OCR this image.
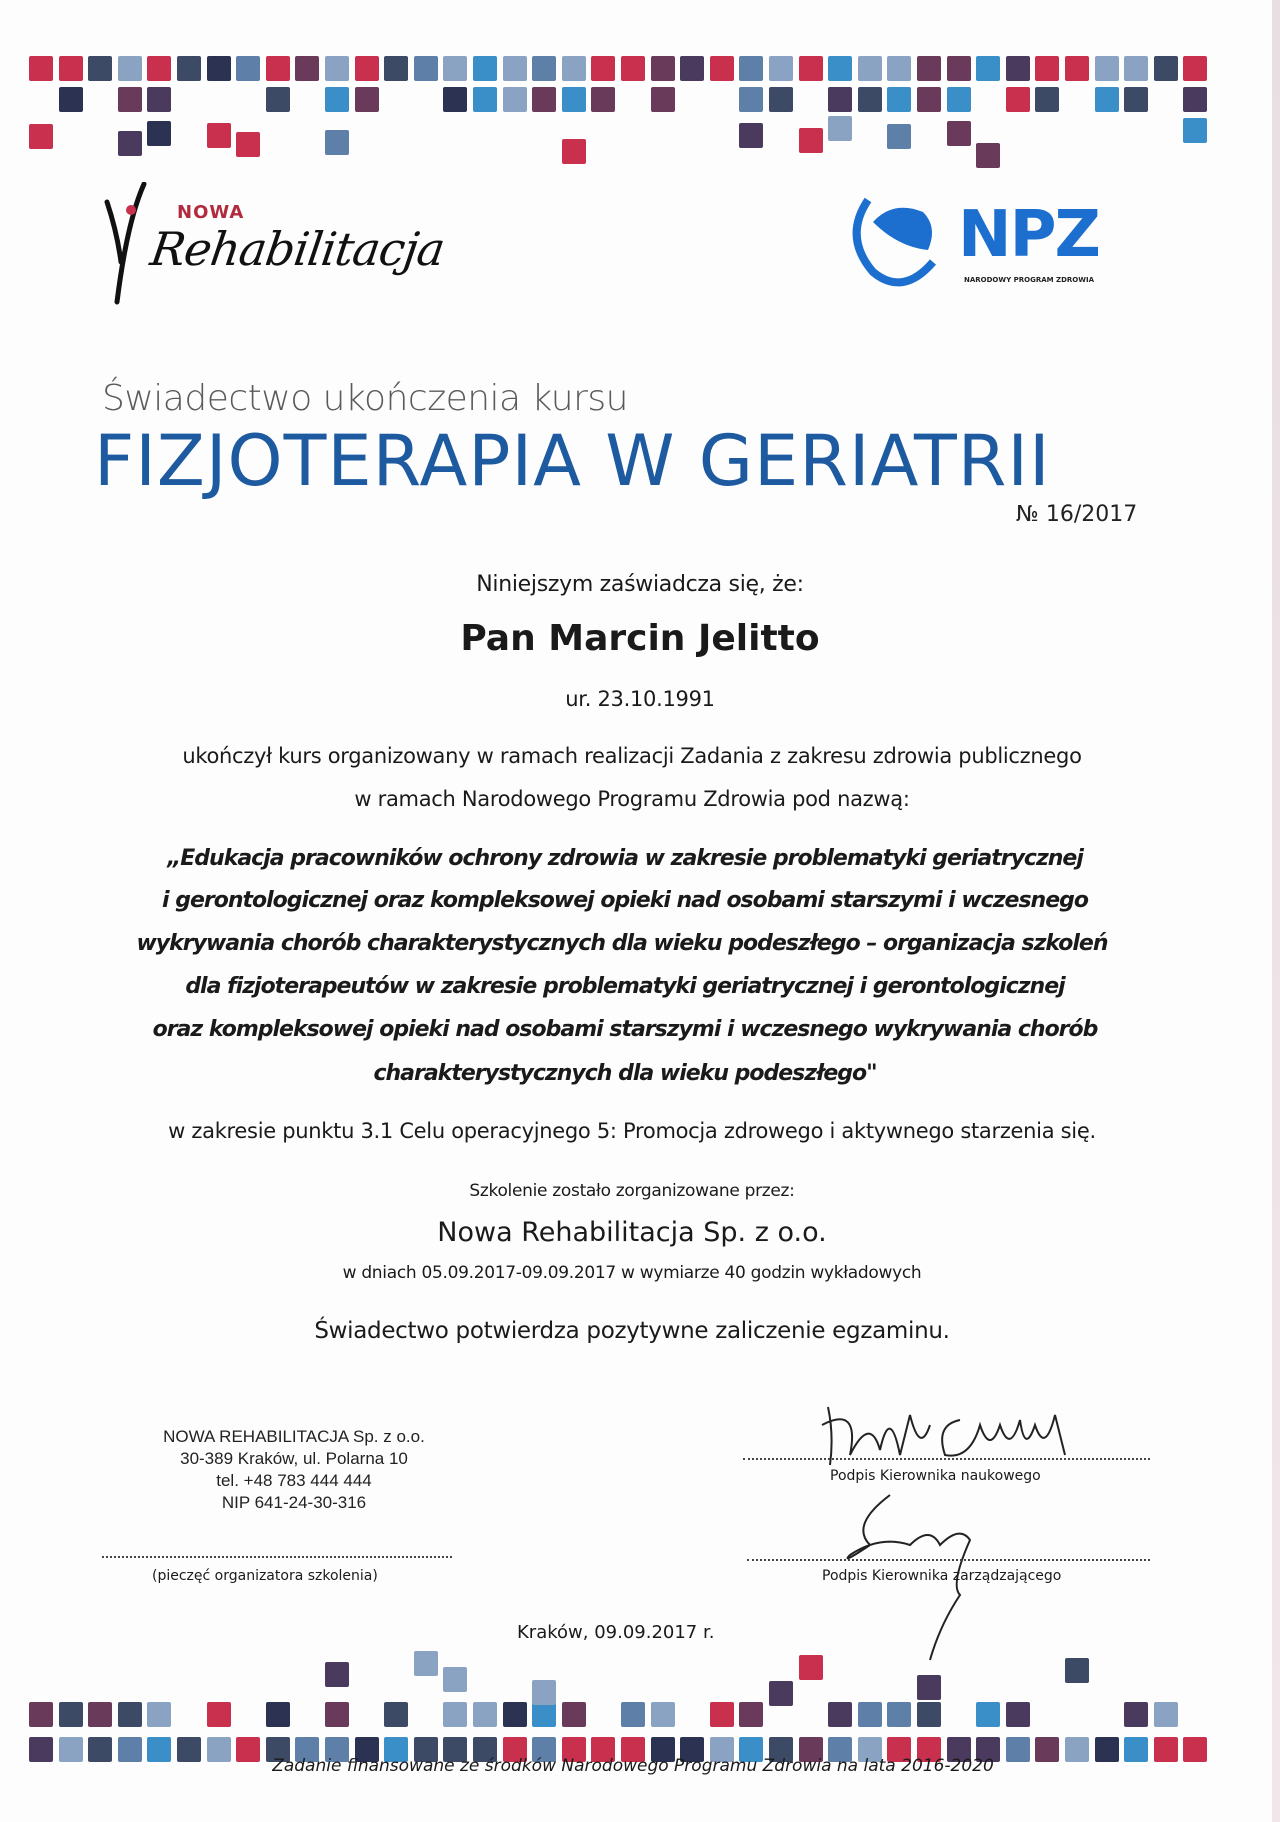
NOWA
Rehabilitacja	NPZ
NARODOWY PROGRAM ZDROWIA
Świadectwo ukończenia kursu
FIZJOTERAPIA W GERIATRII
№ 16/2017
Niniejszym zaświadcza się, że:
Pan Marcin Jelitto
ur. 23.10.1991
ukończył kurs organizowany w ramach realizacji Zadania z zakresu zdrowia publicznego
w ramach Narodowego Programu Zdrowia pod nazwą:
„Edukacja pracowników ochrony zdrowia w zakresie problematyki geriatrycznej
i gerontologicznej oraz kompleksowej opieki nad osobami starszymi i wczesnego
wykrywania chorób charakterystycznych dla wieku podeszłego – organizacja szkoleń
dla fizjoterapeutów w zakresie problematyki geriatrycznej i gerontologicznej
oraz kompleksowej opieki nad osobami starszymi i wczesnego wykrywania chorób
charakterystycznych dla wieku podeszłego"
w zakresie punktu 3.1 Celu operacyjnego 5: Promocja zdrowego i aktywnego starzenia się.
Szkolenie zostało zorganizowane przez:
Nowa Rehabilitacja Sp. z o.o.
w dniach 05.09.2017-09.09.2017 w wymiarze 40 godzin wykładowych
Świadectwo potwierdza pozytywne zaliczenie egzaminu.
NOWA REHABILITACJA Sp. z o.o.
30-389 Kraków, ul. Polarna 10
tel. +48 783 444 444
NIP 641-24-30-316
(pieczęć organizatora szkolenia)
Podpis Kierownika naukowego
Podpis Kierownika zarządzającego
Kraków, 09.09.2017 r.
Zadanie finansowane ze środków Narodowego Programu Zdrowia na lata 2016-2020
